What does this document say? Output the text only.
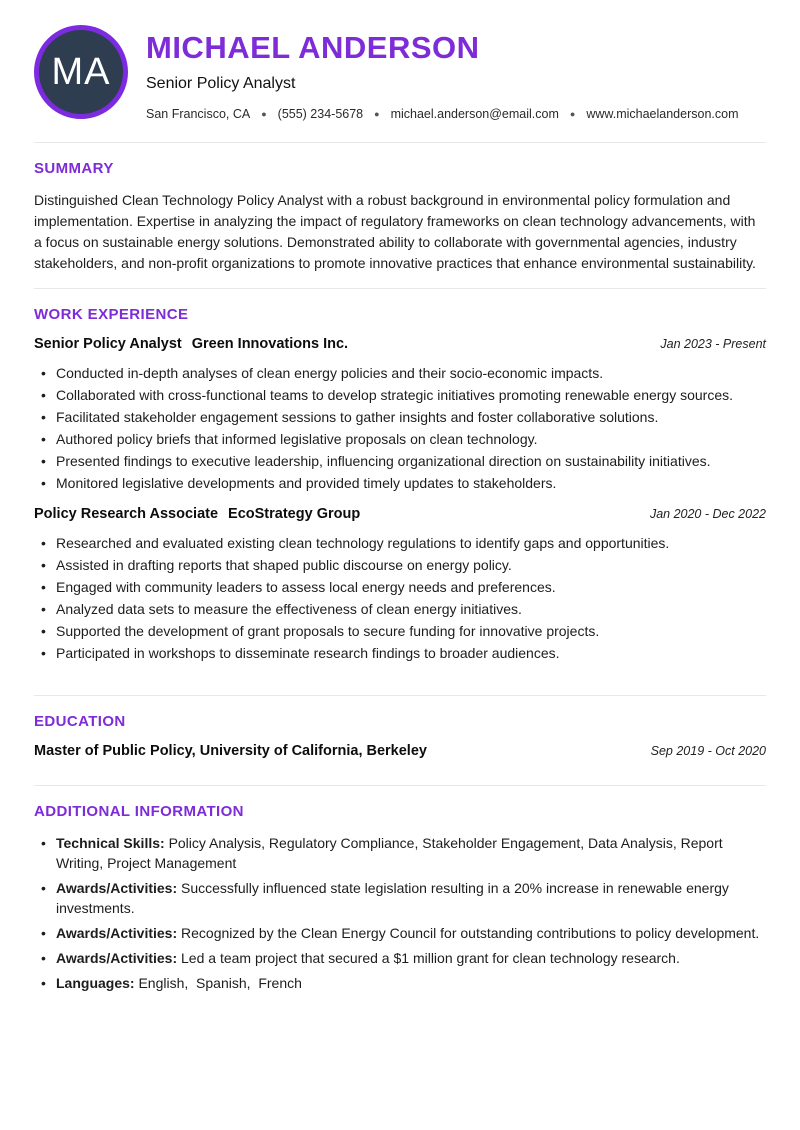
MA
MICHAEL ANDERSON
Senior Policy Analyst
San Francisco, CA ● (555) 234-5678 ● michael.anderson@email.com ● www.michaelanderson.com
SUMMARY

Distinguished Clean Technology Policy Analyst with a robust background in environmental policy formulation and implementation. Expertise in analyzing the impact of regulatory frameworks on clean technology advancements, with a focus on sustainable energy solutions. Demonstrated ability to collaborate with governmental agencies, industry stakeholders, and non-profit organizations to promote innovative practices that enhance environmental sustainability.

WORK EXPERIENCE
Senior Policy Analyst Green Innovations Inc.	Jan 2023 - Present
• Conducted in-depth analyses of clean energy policies and their socio-economic impacts.
• Collaborated with cross-functional teams to develop strategic initiatives promoting renewable energy sources.
• Facilitated stakeholder engagement sessions to gather insights and foster collaborative solutions.
• Authored policy briefs that informed legislative proposals on clean technology.
• Presented findings to executive leadership, influencing organizational direction on sustainability initiatives.
• Monitored legislative developments and provided timely updates to stakeholders.
Policy Research Associate EcoStrategy Group	Jan 2020 - Dec 2022
• Researched and evaluated existing clean technology regulations to identify gaps and opportunities.
• Assisted in drafting reports that shaped public discourse on energy policy.
• Engaged with community leaders to assess local energy needs and preferences.
• Analyzed data sets to measure the effectiveness of clean energy initiatives.
• Supported the development of grant proposals to secure funding for innovative projects.
• Participated in workshops to disseminate research findings to broader audiences.
EDUCATION
Master of Public Policy, University of California, Berkeley	Sep 2019 - Oct 2020
ADDITIONAL INFORMATION
• Technical Skills: Policy Analysis, Regulatory Compliance, Stakeholder Engagement, Data Analysis, Report Writing, Project Management
• Awards/Activities: Successfully influenced state legislation resulting in a 20% increase in renewable energy investments.
• Awards/Activities: Recognized by the Clean Energy Council for outstanding contributions to policy development.
• Awards/Activities: Led a team project that secured a $1 million grant for clean technology research.
• Languages: English,  Spanish,  French
